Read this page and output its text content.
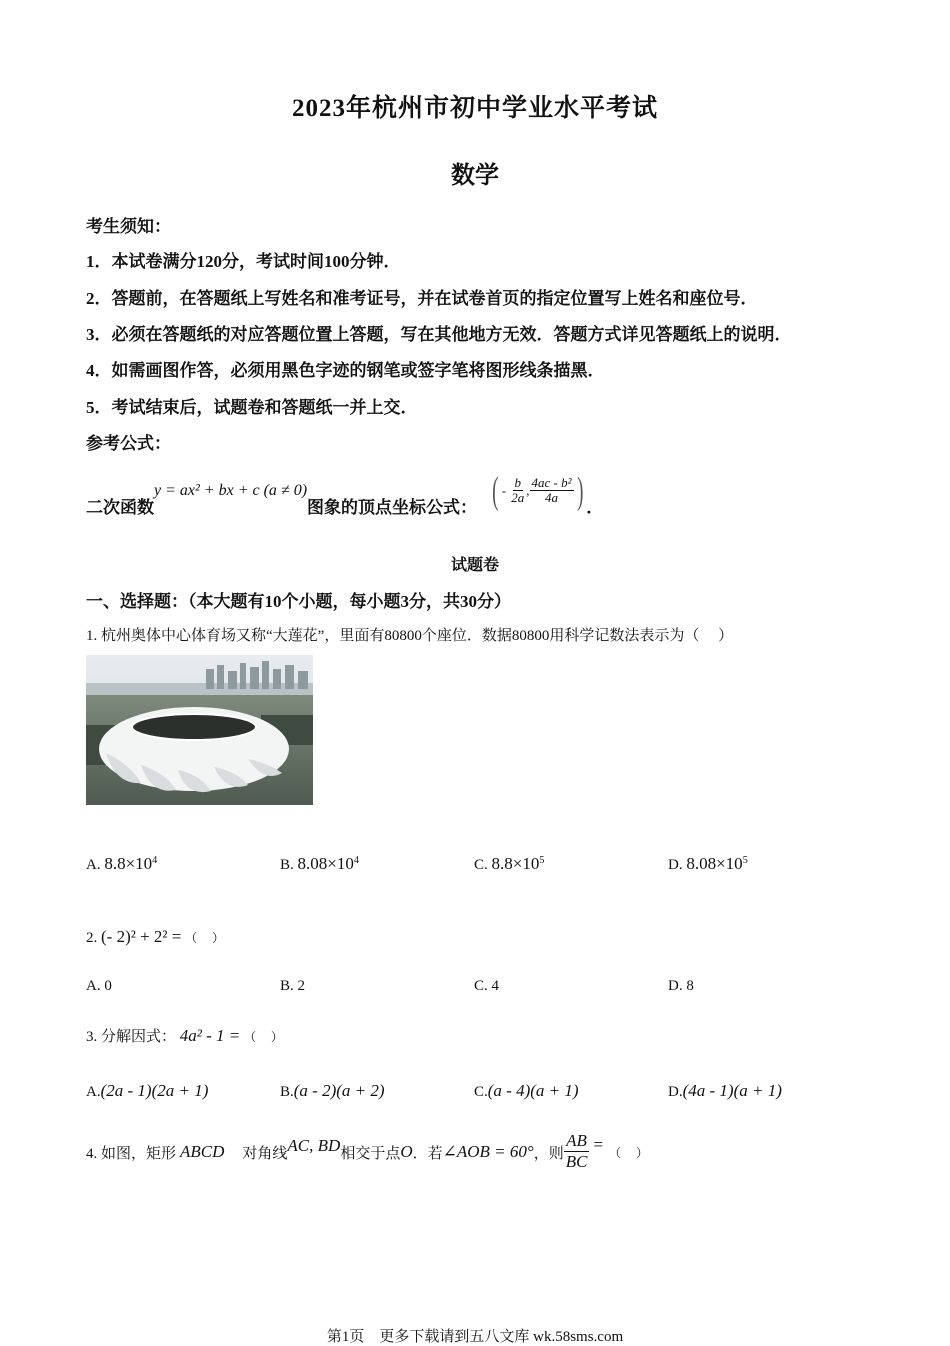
2023年杭州市初中学业水平考试
数学
考生须知：
1．本试卷满分120分，考试时间100分钟．
2．答题前，在答题纸上写姓名和准考证号，并在试卷首页的指定位置写上姓名和座位号．
3．必须在答题纸的对应答题位置上答题，写在其他地方无效．答题方式详见答题纸上的说明．
4．如需画图作答，必须用黑色字迹的钢笔或签字笔将图形线条描黑．
5．考试结束后，试题卷和答题纸一并上交．
参考公式：
二次函数
y = ax² + bx + c (a ≠ 0)
图象的顶点坐标公式： ( - $\frac{b}{2a}$ , $\frac{\text{4ac - b²}}{4a}$ ) ．
试题卷
一、选择题：（本大题有10个小题，每小题3分，共30分）
1. 杭州奥体中心体育场又称“大莲花”，里面有80800个座位．数据80800用科学记数法表示为（　 ）
A. $8.8\times 10^4$	B. $8.08\times 10^4$	C. $8.8\times 10^5$	D. $8.08\times 10^5$
2. (- 2)² + 2² = （　 ）
A. 0	B. 2	C. 4	D. 8
3. 分解因式： 4a² - 1 = （　 ）
A.(2a - 1)(2a + 1)	B.(a - 2)(a + 2)	C.(a - 4)(a + 1)	D.(4a - 1)(a + 1)
4. 如图，矩形 ABCD 对角线 AC, BD 相交于点 O ．若 ∠AOB = 60° ，则 $\frac{AB}{BC}$ = （　 ）
第1页　更多下载请到五八文库 wk.58sms.com
